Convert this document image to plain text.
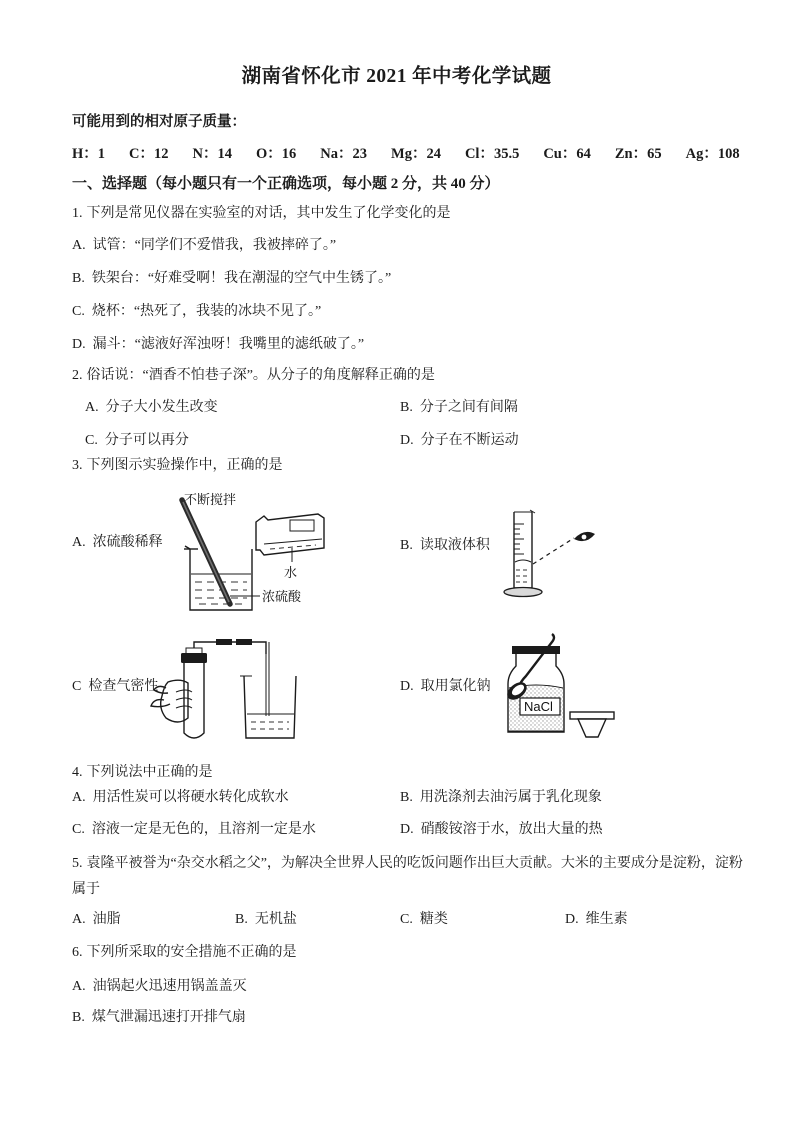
湖南省怀化市 2021 年中考化学试题
可能用到的相对原子质量：H：1 C：12 N：14 O：16 Na：23 Mg：24 Cl：35.5 Cu：64 Zn：65 Ag：108
一、选择题（每小题只有一个正确选项，每小题 2 分，共 40 分）
1. 下列是常见仪器在实验室的对话，其中发生了化学变化的是
A. 试管：“同学们不爱惜我，我被摔碎了。”
B. 铁架台：“好难受啊！我在潮湿的空气中生锈了。”
C. 烧杯：“热死了，我装的冰块不见了。”
D. 漏斗：“滤液好浑浊呀！我嘴里的滤纸破了。”
2. 俗话说：“酒香不怕巷子深”。从分子的角度解释正确的是
A. 分子大小发生改变	B. 分子之间有间隔
C. 分子可以再分	D. 分子在不断运动
3. 下列图示实验操作中，正确的是
A. 浓硫酸稀释
水
浓硫酸
不断搅拌
B. 读取液体积
C 检查气密性	D. 取用氯化钠
NaCl
4. 下列说法中正确的是
A. 用活性炭可以将硬水转化成软水	B. 用洗涤剂去油污属于乳化现象
C. 溶液一定是无色的，且溶剂一定是水	D. 硝酸铵溶于水，放出大量的热
5. 袁隆平被誉为“杂交水稻之父”，为解决全世界人民的吃饭问题作出巨大贡献。大米的主要成分是淀粉，淀粉属于
A. 油脂	B. 无机盐	C. 糖类	D. 维生素
6. 下列所采取的安全措施不正确的是
A. 油锅起火迅速用锅盖盖灭
B. 煤气泄漏迅速打开排气扇
